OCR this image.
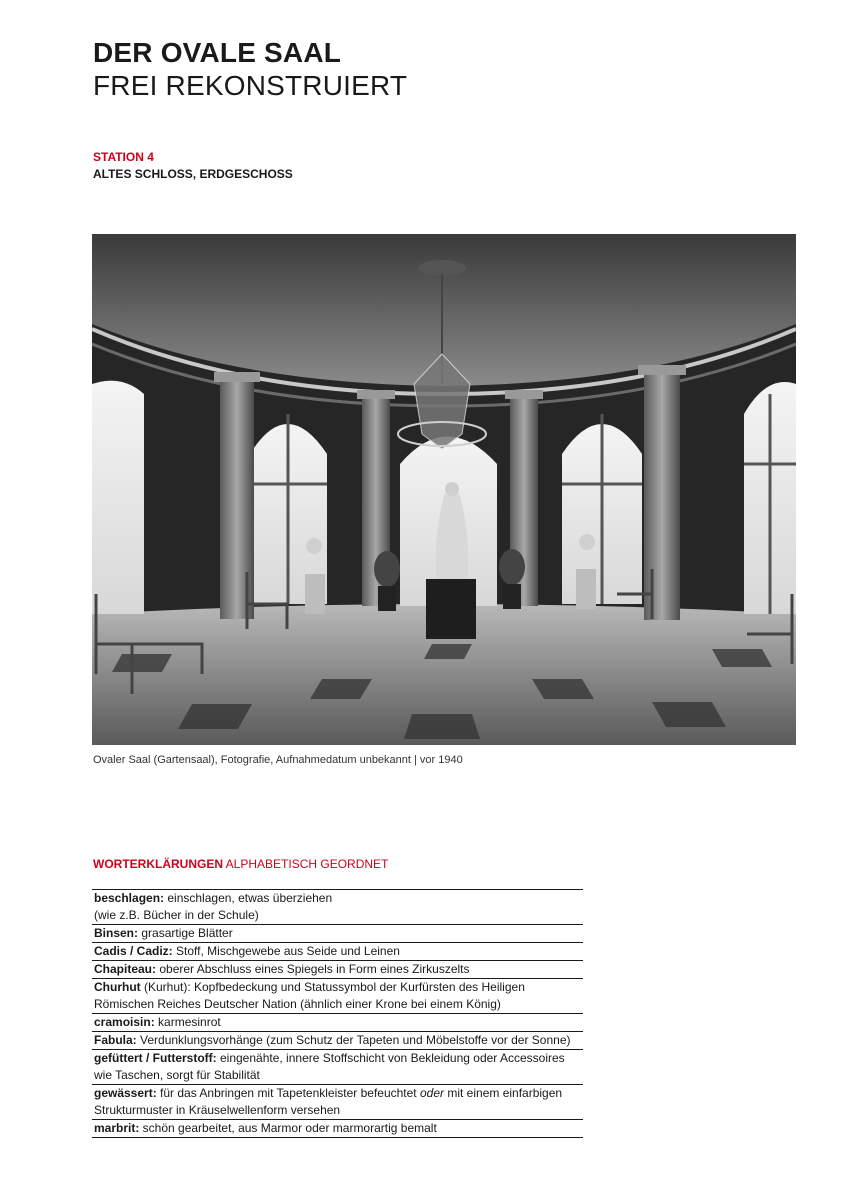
DER OVALE SAAL
FREI REKONSTRUIERT
STATION 4
ALTES SCHLOSS, ERDGESCHOSS
Ovaler Saal (Gartensaal), Fotografie, Aufnahmedatum unbekannt | vor 1940
WORTERKLÄRUNGEN ALPHABETISCH GEORDNET
beschlagen: einschlagen, etwas überziehen
(wie z.B. Bücher in der Schule)
Binsen: grasartige Blätter
Cadis / Cadiz: Stoff, Mischgewebe aus Seide und Leinen
Chapiteau: oberer Abschluss eines Spiegels in Form eines Zirkuszelts
Churhut (Kurhut): Kopfbedeckung und Statussymbol der Kurfürsten des Heiligen
Römischen Reiches Deutscher Nation (ähnlich einer Krone bei einem König)
cramoisin: karmesinrot
Fabula: Verdunklungsvorhänge (zum Schutz der Tapeten und Möbelstoffe vor der Sonne)
gefüttert / Futterstoff: eingenähte, innere Stoffschicht von Bekleidung oder Accessoires
wie Taschen, sorgt für Stabilität
gewässert: für das Anbringen mit Tapetenkleister befeuchtet oder mit einem einfarbigen
Strukturmuster in Kräuselwellenform versehen
marbrit: schön gearbeitet, aus Marmor oder marmorartig bemalt
